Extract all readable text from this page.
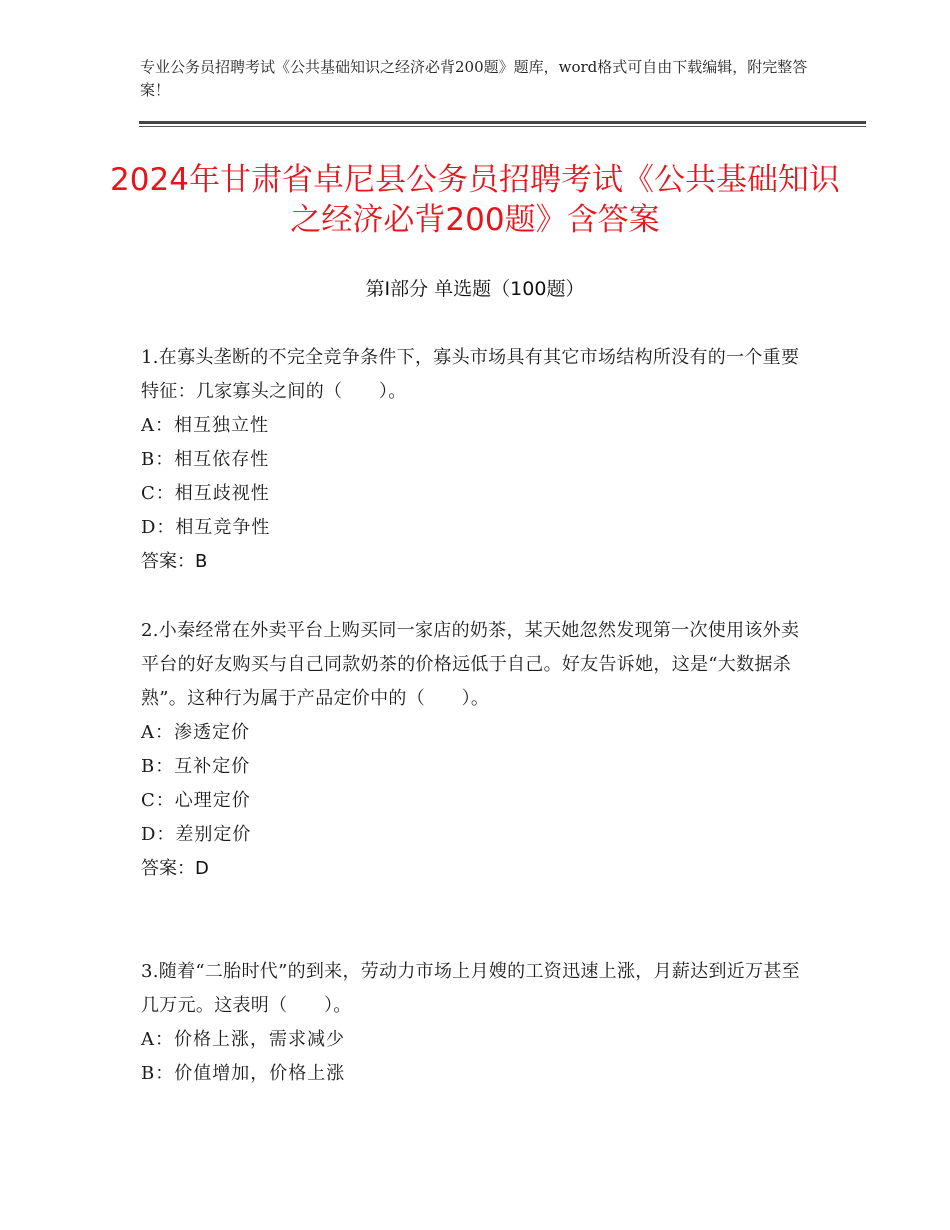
专业公务员招聘考试《公共基础知识之经济必背200题》题库，word格式可自由下载编辑，附完整答案！
2024年甘肃省卓尼县公务员招聘考试《公共基础知识之经济必背200题》含答案
第Ⅰ部分 单选题（100题）
1.在寡头垄断的不完全竞争条件下，寡头市场具有其它市场结构所没有的一个重要特征：几家寡头之间的（　　）。
A：相互独立性
B：相互依存性
C：相互歧视性
D：相互竞争性
答案：B
2.小秦经常在外卖平台上购买同一家店的奶茶，某天她忽然发现第一次使用该外卖平台的好友购买与自己同款奶茶的价格远低于自己。好友告诉她，这是“大数据杀熟”。这种行为属于产品定价中的（　　）。
A：渗透定价
B：互补定价
C：心理定价
D：差别定价
答案：D
3.随着“二胎时代”的到来，劳动力市场上月嫂的工资迅速上涨，月薪达到近万甚至几万元。这表明（　　）。
A：价格上涨，需求减少
B：价值增加，价格上涨
